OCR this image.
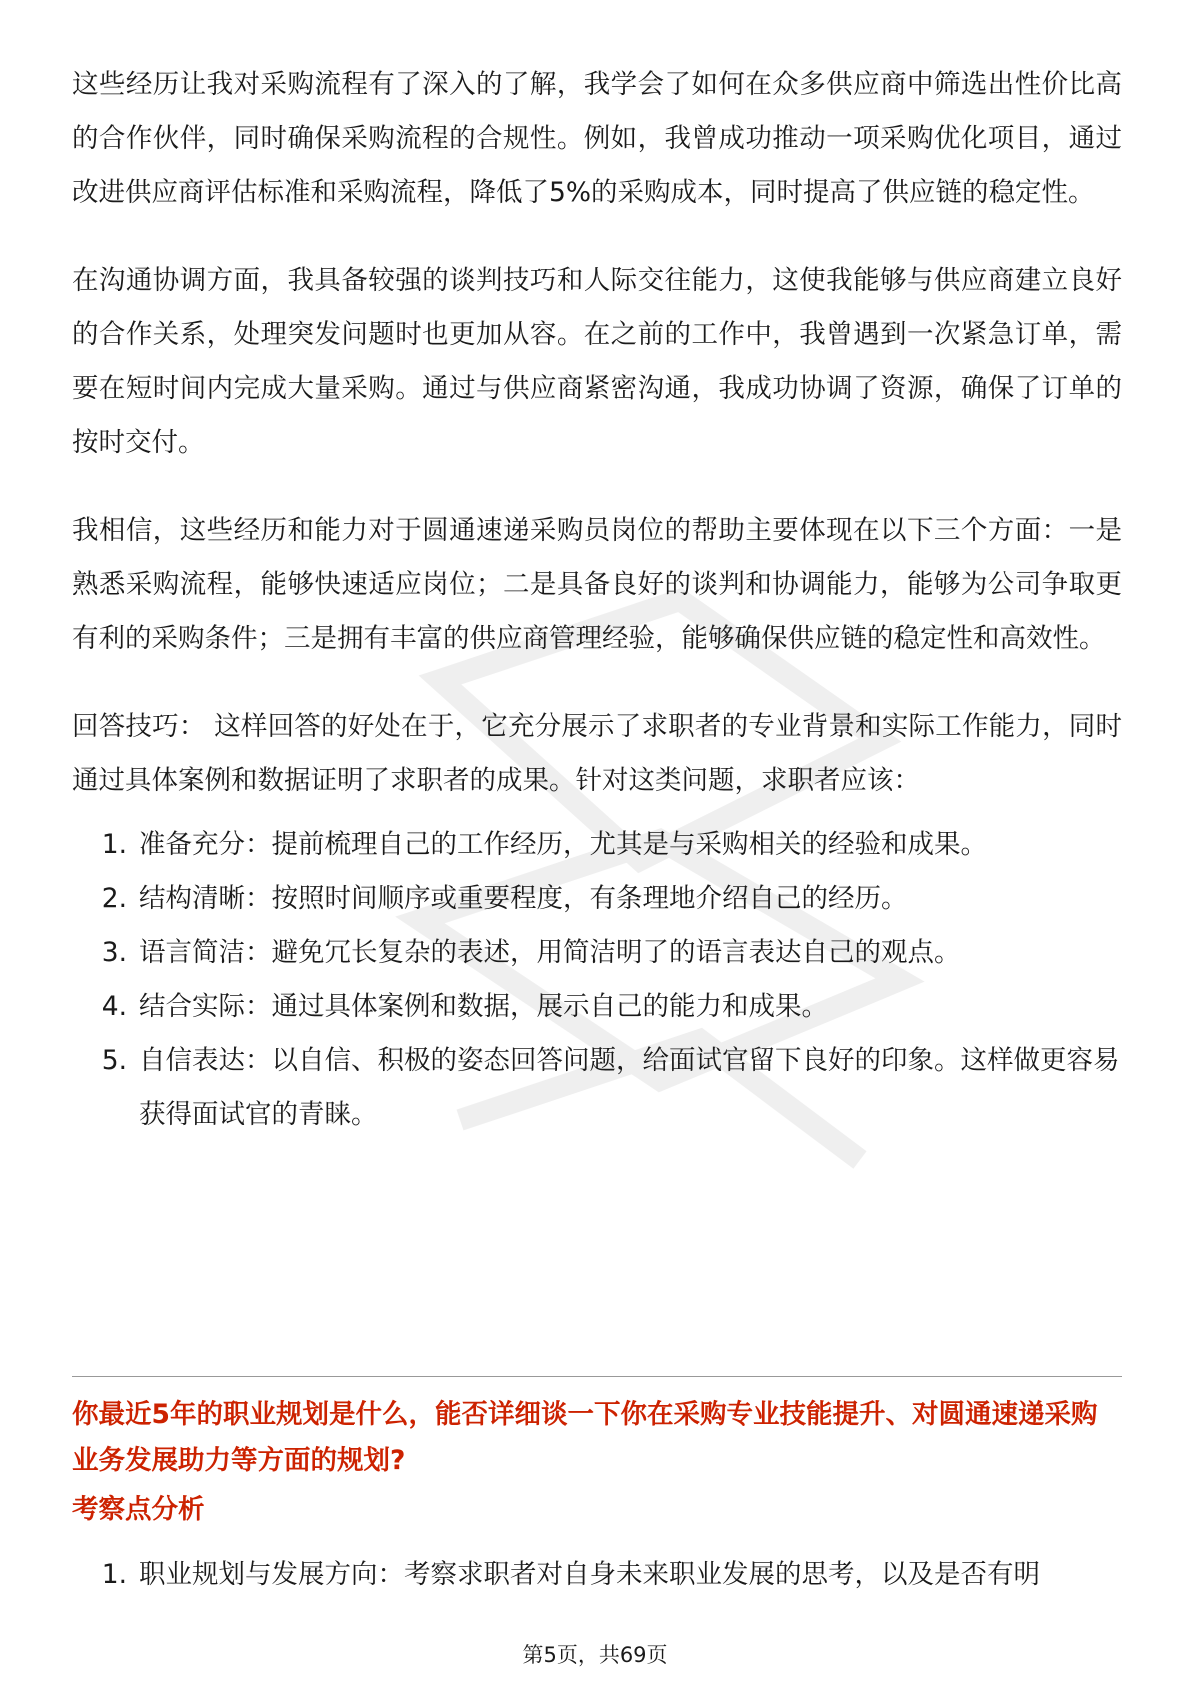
这些经历让我对采购流程有了深入的了解，我学会了如何在众多供应商中筛选出性价比高的合作伙伴，同时确保采购流程的合规性。例如，我曾成功推动一项采购优化项目，通过改进供应商评估标准和采购流程，降低了5%的采购成本，同时提高了供应链的稳定性。

在沟通协调方面，我具备较强的谈判技巧和人际交往能力，这使我能够与供应商建立良好的合作关系，处理突发问题时也更加从容。在之前的工作中，我曾遇到一次紧急订单，需要在短时间内完成大量采购。通过与供应商紧密沟通，我成功协调了资源，确保了订单的按时交付。

我相信，这些经历和能力对于圆通速递采购员岗位的帮助主要体现在以下三个方面：一是熟悉采购流程，能够快速适应岗位；二是具备良好的谈判和协调能力，能够为公司争取更有利的采购条件；三是拥有丰富的供应商管理经验，能够确保供应链的稳定性和高效性。

回答技巧： 这样回答的好处在于，它充分展示了求职者的专业背景和实际工作能力，同时通过具体案例和数据证明了求职者的成果。针对这类问题，求职者应该：

1. 准备充分：提前梳理自己的工作经历，尤其是与采购相关的经验和成果。
2. 结构清晰：按照时间顺序或重要程度，有条理地介绍自己的经历。
3. 语言简洁：避免冗长复杂的表述，用简洁明了的语言表达自己的观点。
4. 结合实际：通过具体案例和数据，展示自己的能力和成果。
5. 自信表达：以自信、积极的姿态回答问题，给面试官留下良好的印象。这样做更容易获得面试官的青睐。
你最近5年的职业规划是什么，能否详细谈一下你在采购专业技能提升、对圆通速递采购业务发展助力等方面的规划?
考察点分析
1. 职业规划与发展方向：考察求职者对自身未来职业发展的思考，以及是否有明
第5页，共69页
